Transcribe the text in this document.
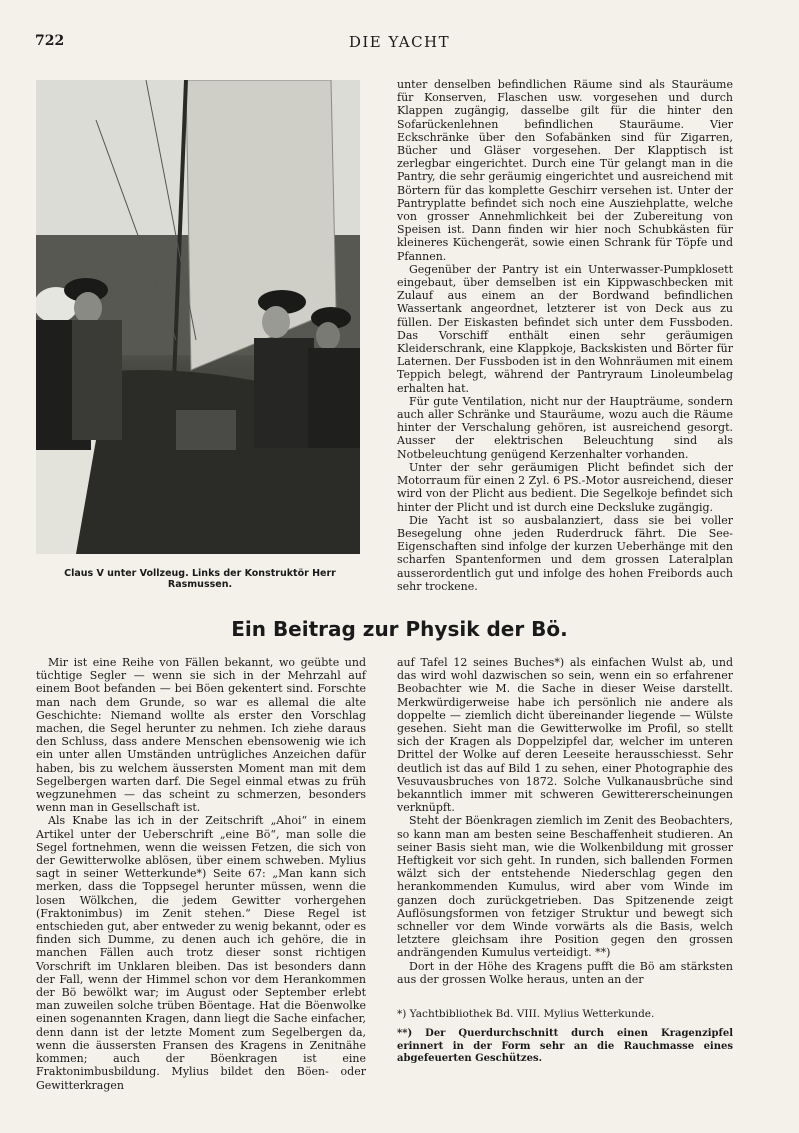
722	DIE YACHT
Claus V unter Vollzeug. Links der Konstruktör Herr Rasmussen.

unter denselben befindlichen Räume sind als Stauräume für Konserven, Flaschen usw. vorgesehen und durch Klappen zugängig, dasselbe gilt für die hinter den Sofarückenlehnen befindlichen Stauräume. Vier Eckschränke über den Sofabänken sind für Zigarren, Bücher und Gläser vorgesehen. Der Klapptisch ist zerlegbar eingerichtet. Durch eine Tür gelangt man in die Pantry, die sehr geräumig eingerichtet und ausreichend mit Börtern für das komplette Geschirr versehen ist. Unter der Pantryplatte befindet sich noch eine Ausziehplatte, welche von grosser Annehmlichkeit bei der Zubereitung von Speisen ist. Dann finden wir hier noch Schubkästen für kleineres Küchengerät, sowie einen Schrank für Töpfe und Pfannen.

Gegenüber der Pantry ist ein Unterwasser-Pumpklosett eingebaut, über demselben ist ein Kippwaschbecken mit Zulauf aus einem an der Bordwand befindlichen Wassertank angeordnet, letzterer ist von Deck aus zu füllen. Der Eiskasten befindet sich unter dem Fussboden. Das Vorschiff enthält einen sehr geräumigen Kleiderschrank, eine Klappkoje, Backskisten und Börter für Laternen. Der Fussboden ist in den Wohnräumen mit einem Teppich belegt, während der Pantryraum Linoleumbelag erhalten hat.

Für gute Ventilation, nicht nur der Haupträume, sondern auch aller Schränke und Stauräume, wozu auch die Räume hinter der Verschalung gehören, ist ausreichend gesorgt. Ausser der elektrischen Beleuchtung sind als Notbeleuchtung genügend Kerzenhalter vorhanden.

Unter der sehr geräumigen Plicht befindet sich der Motorraum für einen 2 Zyl. 6 PS.-Motor ausreichend, dieser wird von der Plicht aus bedient. Die Segelkoje befindet sich hinter der Plicht und ist durch eine Decksluke zugängig.

Die Yacht ist so ausbalanziert, dass sie bei voller Besegelung ohne jeden Ruderdruck fährt. Die See-Eigenschaften sind infolge der kurzen Ueberhänge mit den scharfen Spantenformen und dem grossen Lateralplan ausserordentlich gut und infolge des hohen Freibords auch sehr trockene.

Ein Beitrag zur Physik der Bö.

Mir ist eine Reihe von Fällen bekannt, wo geübte und tüchtige Segler — wenn sie sich in der Mehrzahl auf einem Boot befanden — bei Böen gekentert sind. Forschte man nach dem Grunde, so war es allemal die alte Geschichte: Niemand wollte als erster den Vorschlag machen, die Segel herunter zu nehmen. Ich ziehe daraus den Schluss, dass andere Menschen ebensowenig wie ich ein unter allen Umständen untrügliches Anzeichen dafür haben, bis zu welchem äussersten Moment man mit dem Segelbergen warten darf. Die Segel einmal etwas zu früh wegzunehmen — das scheint zu schmerzen, besonders wenn man in Gesellschaft ist.

Als Knabe las ich in der Zeitschrift „Ahoi“ in einem Artikel unter der Ueberschrift „eine Bö“, man solle die Segel fortnehmen, wenn die weissen Fetzen, die sich von der Gewitterwolke ablösen, über einem schweben. Mylius sagt in seiner Wetterkunde*) Seite 67: „Man kann sich merken, dass die Toppsegel herunter müssen, wenn die losen Wölkchen, die jedem Gewitter vorhergehen (Fraktonimbus) im Zenit stehen.“ Diese Regel ist entschieden gut, aber entweder zu wenig bekannt, oder es finden sich Dumme, zu denen auch ich gehöre, die in manchen Fällen auch trotz dieser sonst richtigen Vorschrift im Unklaren bleiben. Das ist besonders dann der Fall, wenn der Himmel schon vor dem Herankommen der Bö bewölkt war; im August oder September erlebt man zuweilen solche trüben Böentage. Hat die Böenwolke einen sogenannten Kragen, dann liegt die Sache einfacher, denn dann ist der letzte Moment zum Segelbergen da, wenn die äussersten Fransen des Kragens in Zenitnähe kommen; auch der Böenkragen ist eine Fraktonimbusbildung. Mylius bildet den Böen- oder Gewitterkragen

auf Tafel 12 seines Buches*) als einfachen Wulst ab, und das wird wohl dazwischen so sein, wenn ein so erfahrener Beobachter wie M. die Sache in dieser Weise darstellt. Merkwürdigerweise habe ich persönlich nie andere als doppelte — ziemlich dicht übereinander liegende — Wülste gesehen. Sieht man die Gewitterwolke im Profil, so stellt sich der Kragen als Doppelzipfel dar, welcher im unteren Drittel der Wolke auf deren Leeseite herausschiesst. Sehr deutlich ist das auf Bild 1 zu sehen, einer Photographie des Vesuvausbruches von 1872. Solche Vulkanausbrüche sind bekanntlich immer mit schweren Gewittererscheinungen verknüpft.

Steht der Böenkragen ziemlich im Zenit des Beobachters, so kann man am besten seine Beschaffenheit studieren. An seiner Basis sieht man, wie die Wolkenbildung mit grosser Heftigkeit vor sich geht. In runden, sich ballenden Formen wälzt sich der entstehende Niederschlag gegen den herankommenden Kumulus, wird aber vom Winde im ganzen doch zurückgetrieben. Das Spitzenende zeigt Auflösungsformen von fetziger Struktur und bewegt sich schneller vor dem Winde vorwärts als die Basis, welch letztere gleichsam ihre Position gegen den grossen andrängenden Kumulus verteidigt. **)

Dort in der Höhe des Kragens pufft die Bö am stärksten aus der grossen Wolke heraus, unten an der

*) Yachtbibliothek Bd. VIII. Mylius Wetterkunde.
**) Der Querdurchschnitt durch einen Kragenzipfel erinnert in der Form sehr an die Rauchmasse eines abgefeuerten Geschützes.
